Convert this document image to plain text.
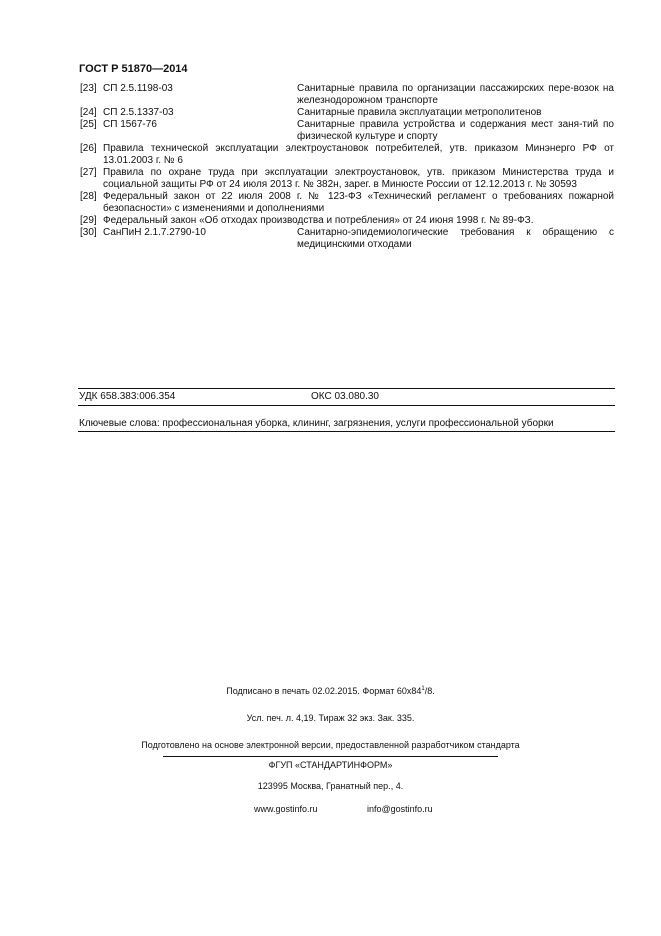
ГОСТ Р 51870—2014
[23] СП 2.5.1198-03	Санитарные правила по организации пассажирских пере-возок на железнодорожном транспорте
[24] СП 2.5.1337-03	Санитарные правила эксплуатации метрополитенов
[25] СП 1567-76	Санитарные правила устройства и содержания мест заня-тий по физической культуре и спорту
[26] Правила технической эксплуатации электроустановок потребителей, утв. приказом Минэнерго РФ от 13.01.2003 г. № 6
[27] Правила по охране труда при эксплуатации электроустановок, утв. приказом Министерства труда и социальной защиты РФ от 24 июля 2013 г. № 382н, зарег. в Минюсте России от 12.12.2013 г. № 30593
[28] Федеральный закон от 22 июля 2008 г. № 123-ФЗ «Технический регламент о требованиях пожарной безопасности» с изменениями и дополнениями
[29] Федеральный закон «Об отходах производства и потребления» от 24 июня 1998 г. № 89-ФЗ.
[30] СанПиН 2.1.7.2790-10	Санитарно-эпидемиологические требования к обращению с медицинскими отходами
УДК 658.383:006.354	ОКС 03.080.30
Ключевые слова: профессиональная уборка, клининг, загрязнения, услуги профессиональной уборки
Подписано в печать 02.02.2015. Формат $60x84^1/8$.
Усл. печ. л. 4,19. Тираж 32 экз. Зак. 335.
Подготовлено на основе электронной версии, предоставленной разработчиком стандарта
ФГУП «СТАНДАРТИНФОРМ»
123995 Москва, Гранатный пер., 4.
www.gostinfo.ru	info@gostinfo.ru
